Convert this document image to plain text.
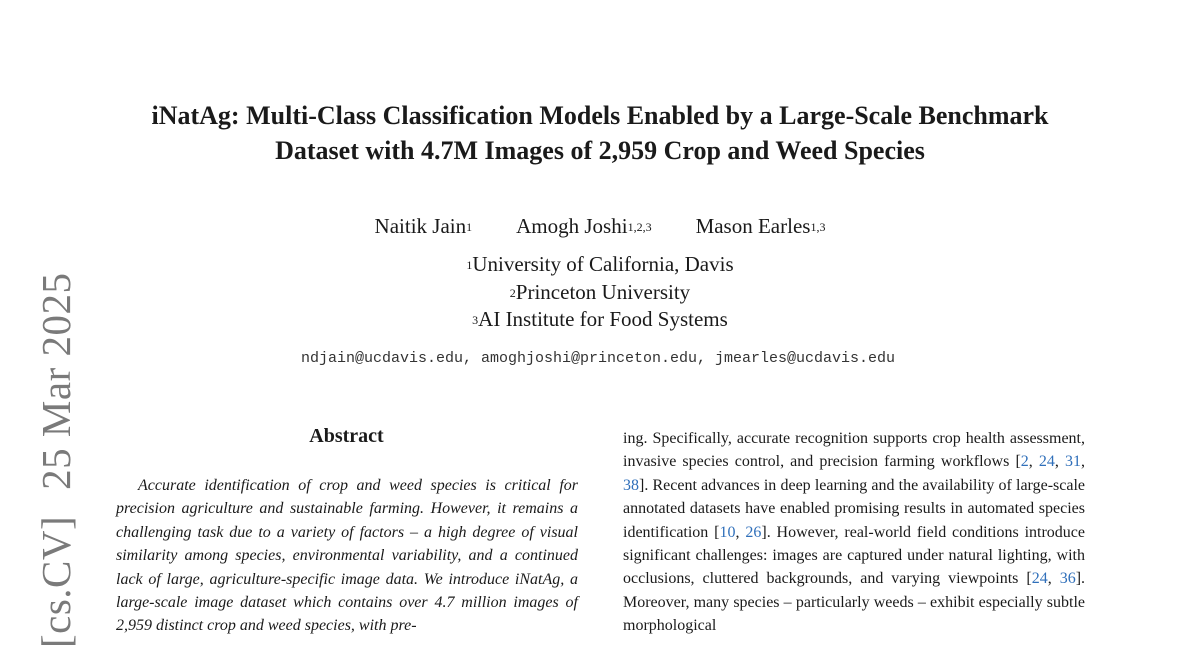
[cs.CV]25 Mar 2025
iNatAg: Multi-Class Classification Models Enabled by a Large-Scale Benchmark
Dataset with 4.7M Images of 2,959 Crop and Weed Species
Naitik Jain$^1$ Amogh Joshi$^{1,2,3}$ Mason Earles$^{1,3}$
$^1$University of California, Davis
$^2$Princeton University
$^3$AI Institute for Food Systems
ndjain@ucdavis.edu, amoghjoshi@princeton.edu, jmearles@ucdavis.edu
Abstract
Accurate identification of crop and weed species is critical for precision agriculture and sustainable farming. However, it remains a challenging task due to a variety of factors – a high degree of visual similarity among species, environmental variability, and a continued lack of large, agriculture-specific image data. We introduce iNatAg, a large-scale image dataset which contains over 4.7 million images of 2,959 distinct crop and weed species, with pre-
ing. Specifically, accurate recognition supports crop health assessment, invasive species control, and precision farming workflows [2, 24, 31, 38]. Recent advances in deep learning and the availability of large-scale annotated datasets have enabled promising results in automated species identification [10, 26]. However, real-world field conditions introduce significant challenges: images are captured under natural lighting, with occlusions, cluttered backgrounds, and varying viewpoints [24, 36]. Moreover, many species – particularly weeds – exhibit especially subtle morphological
